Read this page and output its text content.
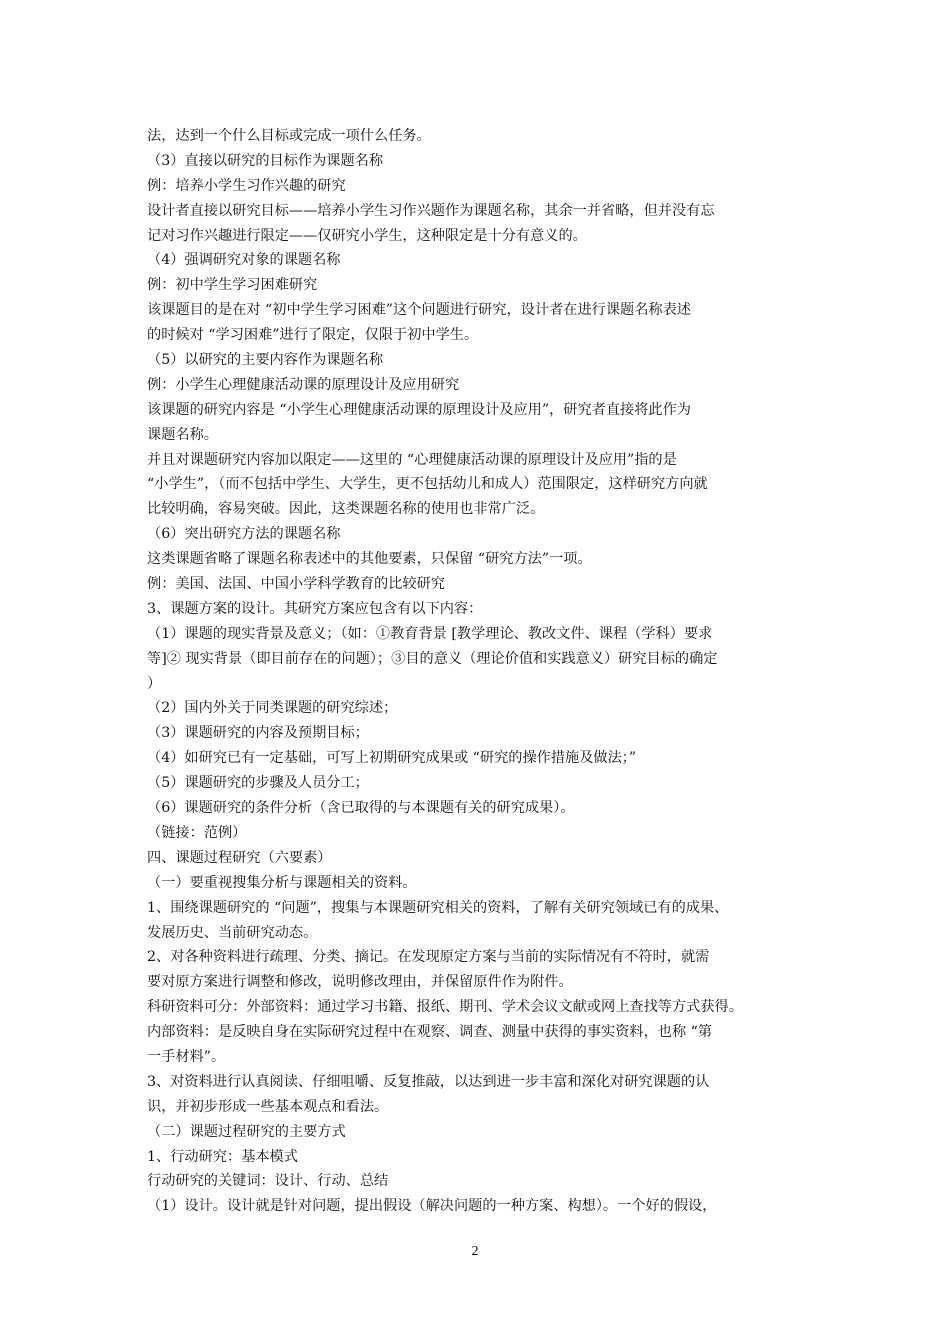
法，达到一个什么目标或完成一项什么任务。
（3）直接以研究的目标作为课题名称
例：培养小学生习作兴趣的研究
设计者直接以研究目标——培养小学生习作兴题作为课题名称，其余一并省略，但并没有忘
记对习作兴趣进行限定——仅研究小学生，这种限定是十分有意义的。
（4）强调研究对象的课题名称
例：初中学生学习困难研究
该课题目的是在对 “初中学生学习困难”这个问题进行研究，设计者在进行课题名称表述
的时候对 “学习困难”进行了限定，仅限于初中学生。
（5）以研究的主要内容作为课题名称
例：小学生心理健康活动课的原理设计及应用研究
该课题的研究内容是 “小学生心理健康活动课的原理设计及应用”，研究者直接将此作为
课题名称。
并且对课题研究内容加以限定——这里的 “心理健康活动课的原理设计及应用”指的是
“小学生”，（而不包括中学生、大学生，更不包括幼儿和成人）范围限定，这样研究方向就
比较明确，容易突破。因此，这类课题名称的使用也非常广泛。
（6）突出研究方法的课题名称
这类课题省略了课题名称表述中的其他要素，只保留 “研究方法”一项。
例：美国、法国、中国小学科学教育的比较研究
3、课题方案的设计。其研究方案应包含有以下内容：
（1）课题的现实背景及意义；（如：①教育背景 [教学理论、教改文件、课程（学科）要求
等]② 现实背景（即目前存在的问题）；③目的意义（理论价值和实践意义）研究目标的确定
）
（2）国内外关于同类课题的研究综述；
（3）课题研究的内容及预期目标；
（4）如研究已有一定基础，可写上初期研究成果或 “研究的操作措施及做法；”
（5）课题研究的步骤及人员分工；
（6）课题研究的条件分析（含已取得的与本课题有关的研究成果）。
（链接：范例）
四、课题过程研究（六要素）
（一）要重视搜集分析与课题相关的资料。
1、围绕课题研究的 “问题”，搜集与本课题研究相关的资料，了解有关研究领域已有的成果、
发展历史、当前研究动态。
2、对各种资料进行疏理、分类、摘记。在发现原定方案与当前的实际情况有不符时，就需
要对原方案进行调整和修改，说明修改理由，并保留原件作为附件。
科研资料可分：外部资料：通过学习书籍、报纸、期刊、学术会议文献或网上查找等方式获得。
内部资料：是反映自身在实际研究过程中在观察、调查、测量中获得的事实资料，也称 “第
一手材料”。
3、对资料进行认真阅读、仔细咀嚼、反复推敲，以达到进一步丰富和深化对研究课题的认
识，并初步形成一些基本观点和看法。
（二）课题过程研究的主要方式
1、行动研究：基本模式
行动研究的关键词：设计、行动、总结
（1）设计。设计就是针对问题，提出假设（解决问题的一种方案、构想）。一个好的假设，
2
